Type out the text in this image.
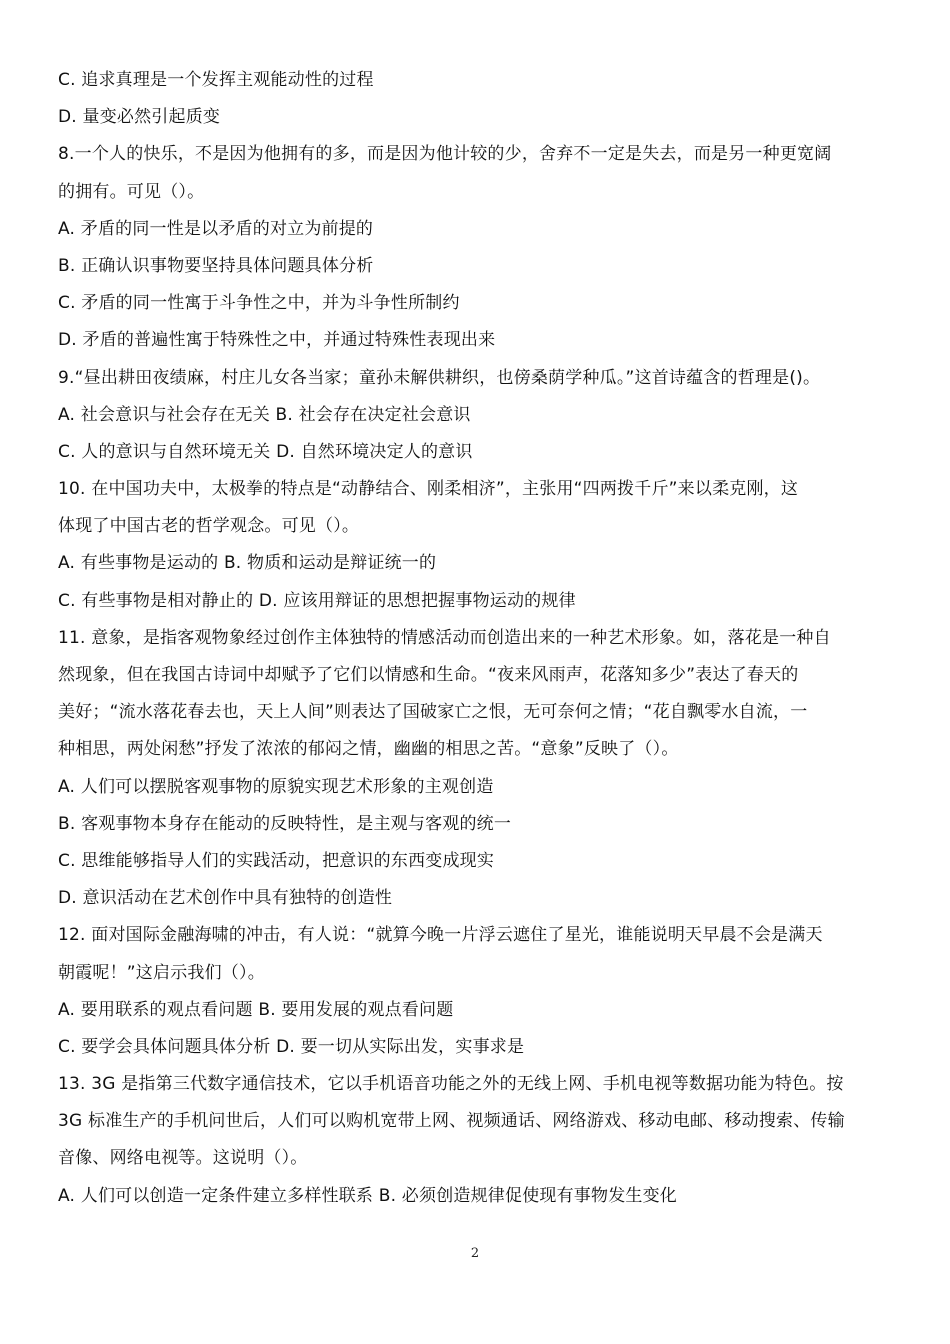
C. 追求真理是一个发挥主观能动性的过程
D. 量变必然引起质变
8.一个人的快乐，不是因为他拥有的多，而是因为他计较的少，舍弃不一定是失去，而是另一种更宽阔
的拥有。可见（）。
A. 矛盾的同一性是以矛盾的对立为前提的
B. 正确认识事物要坚持具体问题具体分析
C. 矛盾的同一性寓于斗争性之中，并为斗争性所制约
D. 矛盾的普遍性寓于特殊性之中，并通过特殊性表现出来
9.“昼出耕田夜绩麻，村庄儿女各当家；童孙未解供耕织，也傍桑荫学种瓜。”这首诗蕴含的哲理是()。
A. 社会意识与社会存在无关 B. 社会存在决定社会意识
C. 人的意识与自然环境无关 D. 自然环境决定人的意识
10. 在中国功夫中，太极拳的特点是“动静结合、刚柔相济”，主张用“四两拨千斤”来以柔克刚，这
体现了中国古老的哲学观念。可见（）。
A. 有些事物是运动的 B. 物质和运动是辩证统一的
C. 有些事物是相对静止的 D. 应该用辩证的思想把握事物运动的规律
11. 意象，是指客观物象经过创作主体独特的情感活动而创造出来的一种艺术形象。如，落花是一种自
然现象，但在我国古诗词中却赋予了它们以情感和生命。“夜来风雨声，花落知多少”表达了春天的
美好；“流水落花春去也，天上人间”则表达了国破家亡之恨，无可奈何之情；“花自飘零水自流，一
种相思，两处闲愁”抒发了浓浓的郁闷之情，幽幽的相思之苦。“意象”反映了（）。
A. 人们可以摆脱客观事物的原貌实现艺术形象的主观创造
B. 客观事物本身存在能动的反映特性，是主观与客观的统一
C. 思维能够指导人们的实践活动，把意识的东西变成现实
D. 意识活动在艺术创作中具有独特的创造性
12. 面对国际金融海啸的冲击，有人说：“就算今晚一片浮云遮住了星光，谁能说明天早晨不会是满天
朝霞呢！”这启示我们（）。
A. 要用联系的观点看问题 B. 要用发展的观点看问题
C. 要学会具体问题具体分析 D. 要一切从实际出发，实事求是
13. 3G 是指第三代数字通信技术，它以手机语音功能之外的无线上网、手机电视等数据功能为特色。按
3G 标准生产的手机问世后，人们可以购机宽带上网、视频通话、网络游戏、移动电邮、移动搜索、传输
音像、网络电视等。这说明（）。
A. 人们可以创造一定条件建立多样性联系 B. 必须创造规律促使现有事物发生变化
2
